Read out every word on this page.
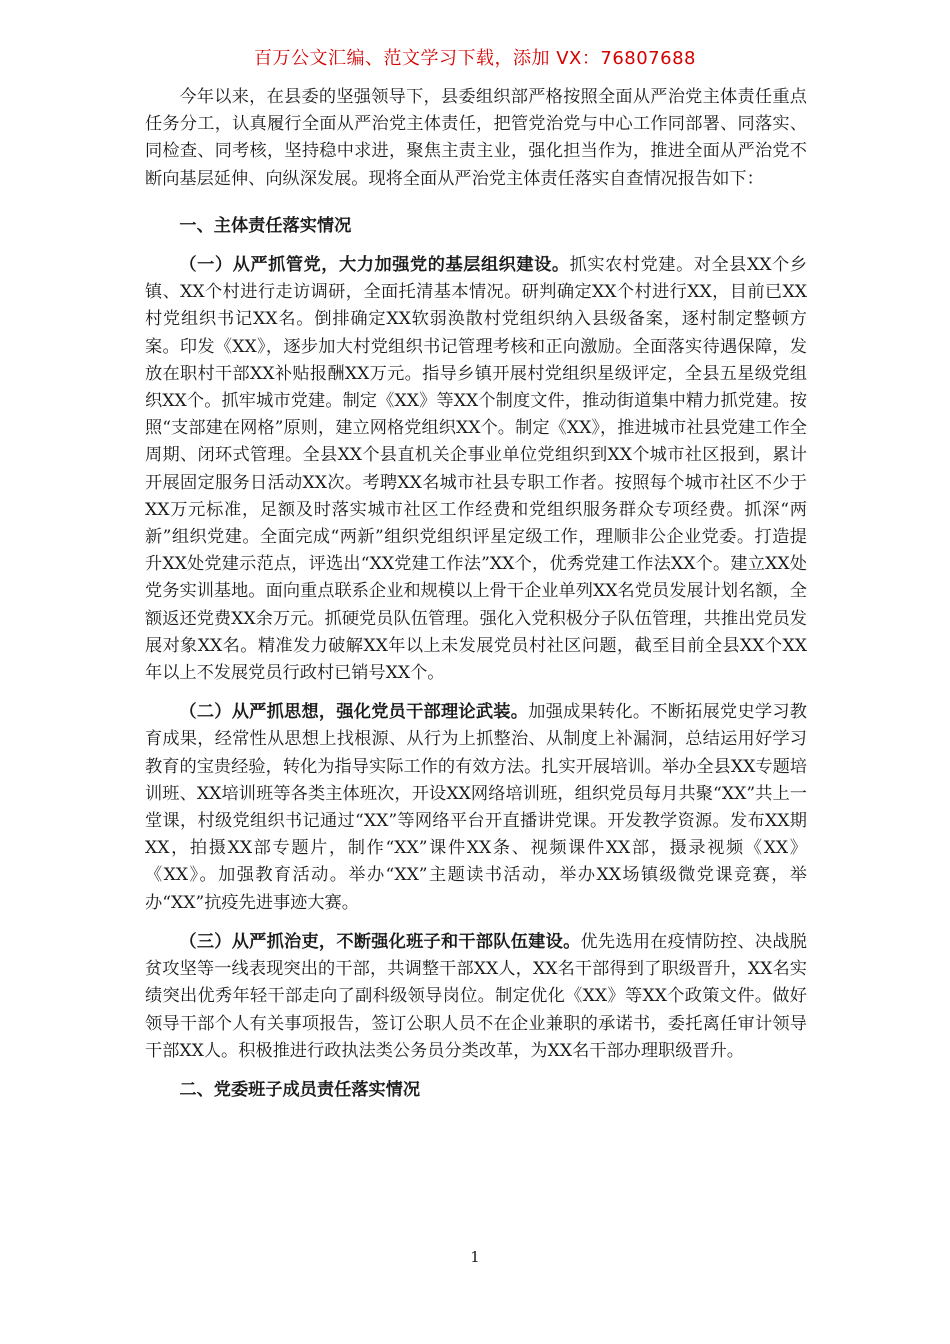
百万公文汇编、范文学习下载，添加 VX：76807688

今年以来，在县委的坚强领导下，县委组织部严格按照全面从严治党主体责任重点任务分工，认真履行全面从严治党主体责任，把管党治党与中心工作同部署、同落实、同检查、同考核，坚持稳中求进，聚焦主责主业，强化担当作为，推进全面从严治党不断向基层延伸、向纵深发展。现将全面从严治党主体责任落实自查情况报告如下：

一、主体责任落实情况

（一）从严抓管党，大力加强党的基层组织建设。抓实农村党建。对全县XX个乡镇、XX个村进行走访调研，全面托清基本情况。研判确定XX个村进行XX，目前已XX村党组织书记XX名。倒排确定XX软弱涣散村党组织纳入县级备案，逐村制定整顿方案。印发《XX》，逐步加大村党组织书记管理考核和正向激励。全面落实待遇保障，发放在职村干部XX补贴报酬XX万元。指导乡镇开展村党组织星级评定，全县五星级党组织XX个。抓牢城市党建。制定《XX》等XX个制度文件，推动街道集中精力抓党建。按照“支部建在网格”原则，建立网格党组织XX个。制定《XX》，推进城市社县党建工作全周期、闭环式管理。全县XX个县直机关企事业单位党组织到XX个城市社区报到，累计开展固定服务日活动XX次。考聘XX名城市社县专职工作者。按照每个城市社区不少于XX万元标准，足额及时落实城市社区工作经费和党组织服务群众专项经费。抓深“两新”组织党建。全面完成“两新”组织党组织评星定级工作，理顺非公企业党委。打造提升XX处党建示范点，评选出“XX党建工作法”XX个，优秀党建工作法XX个。建立XX处党务实训基地。面向重点联系企业和规模以上骨干企业单列XX名党员发展计划名额，全额返还党费XX余万元。抓硬党员队伍管理。强化入党积极分子队伍管理，共推出党员发展对象XX名。精准发力破解XX年以上未发展党员村社区问题，截至目前全县XX个XX年以上不发展党员行政村已销号XX个。

（二）从严抓思想，强化党员干部理论武装。加强成果转化。不断拓展党史学习教育成果，经常性从思想上找根源、从行为上抓整治、从制度上补漏洞，总结运用好学习教育的宝贵经验，转化为指导实际工作的有效方法。扎实开展培训。举办全县XX专题培训班、XX培训班等各类主体班次，开设XX网络培训班，组织党员每月共聚“XX”共上一堂课，村级党组织书记通过“XX”等网络平台开直播讲党课。开发教学资源。发布XX期XX，拍摄XX部专题片，制作“XX”课件XX条、视频课件XX部，摄录视频《XX》《XX》。加强教育活动。举办“XX”主题读书活动，举办XX场镇级微党课竞赛，举办“XX”抗疫先进事迹大赛。

（三）从严抓治吏，不断强化班子和干部队伍建设。优先选用在疫情防控、决战脱贫攻坚等一线表现突出的干部，共调整干部XX人，XX名干部得到了职级晋升，XX名实绩突出优秀年轻干部走向了副科级领导岗位。制定优化《XX》等XX个政策文件。做好领导干部个人有关事项报告，签订公职人员不在企业兼职的承诺书，委托离任审计领导干部XX人。积极推进行政执法类公务员分类改革，为XX名干部办理职级晋升。

二、党委班子成员责任落实情况

1
